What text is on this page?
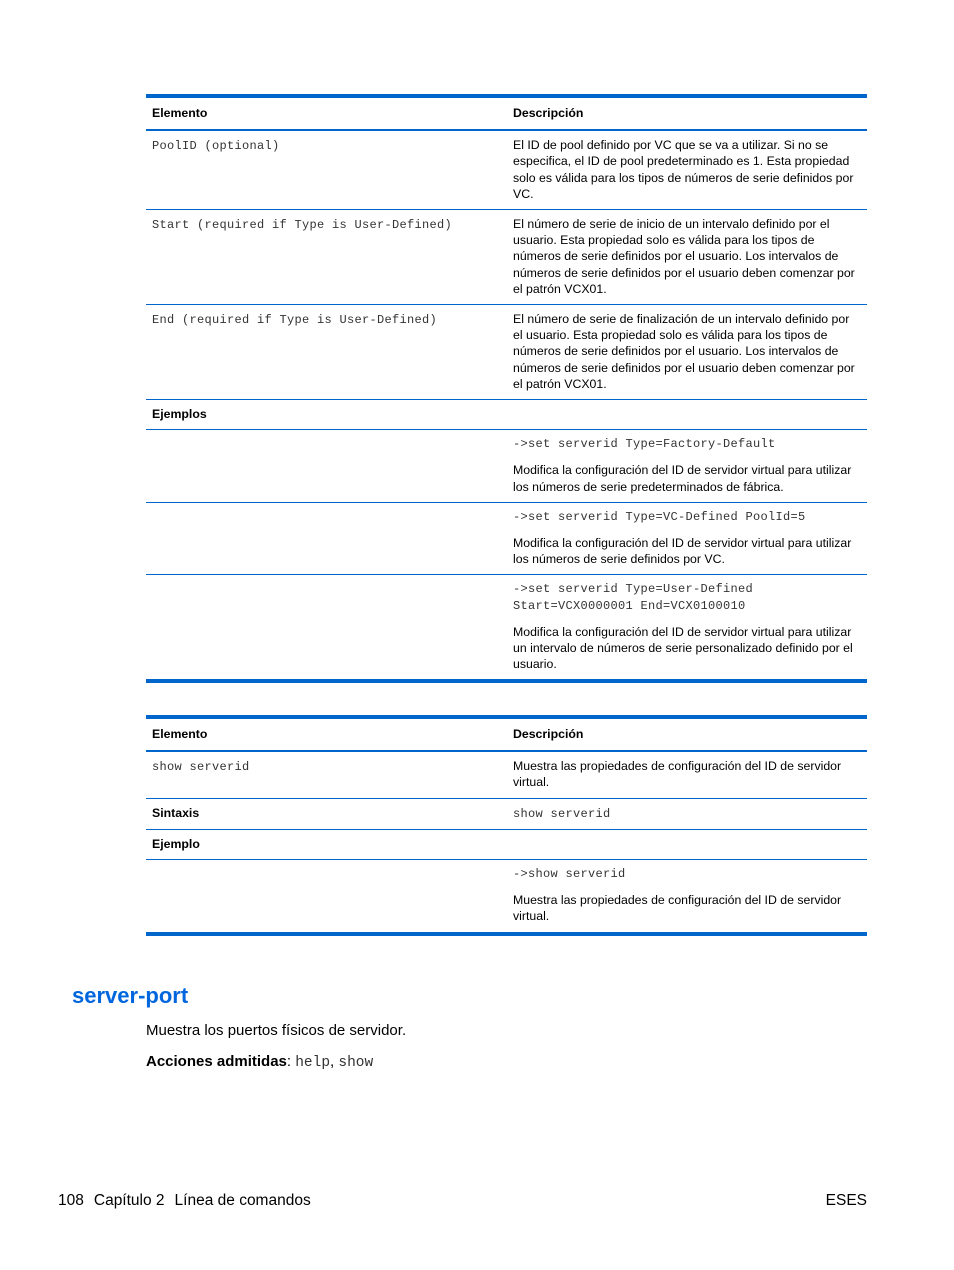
Elemento	Descripción
PoolID (optional)	El ID de pool definido por VC que se va a utilizar. Si no se especifica, el ID de pool predeterminado es 1. Esta propiedad solo es válida para los tipos de números de serie definidos por VC.
Start (required if Type is User-Defined)	El número de serie de inicio de un intervalo definido por el usuario. Esta propiedad solo es válida para los tipos de números de serie definidos por el usuario. Los intervalos de números de serie definidos por el usuario deben comenzar por el patrón VCX01.
End (required if Type is User-Defined)	El número de serie de finalización de un intervalo definido por el usuario. Esta propiedad solo es válida para los tipos de números de serie definidos por el usuario. Los intervalos de números de serie definidos por el usuario deben comenzar por el patrón VCX01.
Ejemplos	

	->set serverid Type=Factory-Default
Modifica la configuración del ID de servidor virtual para utilizar los números de serie predeterminados de fábrica.

	->set serverid Type=VC-Defined PoolId=5
Modifica la configuración del ID de servidor virtual para utilizar los números de serie definidos por VC.

	->set serverid Type=User-Defined
Start=VCX0000001 End=VCX0100010
Modifica la configuración del ID de servidor virtual para utilizar un intervalo de números de serie personalizado definido por el usuario.
Elemento	Descripción
show serverid	Muestra las propiedades de configuración del ID de servidor virtual.
Sintaxis	show serverid
Ejemplo	

	->show serverid
Muestra las propiedades de configuración del ID de servidor virtual.
server-port

Muestra los puertos físicos de servidor.

Acciones admitidas: help, show

108 Capítulo 2 Línea de comandos	ESES
